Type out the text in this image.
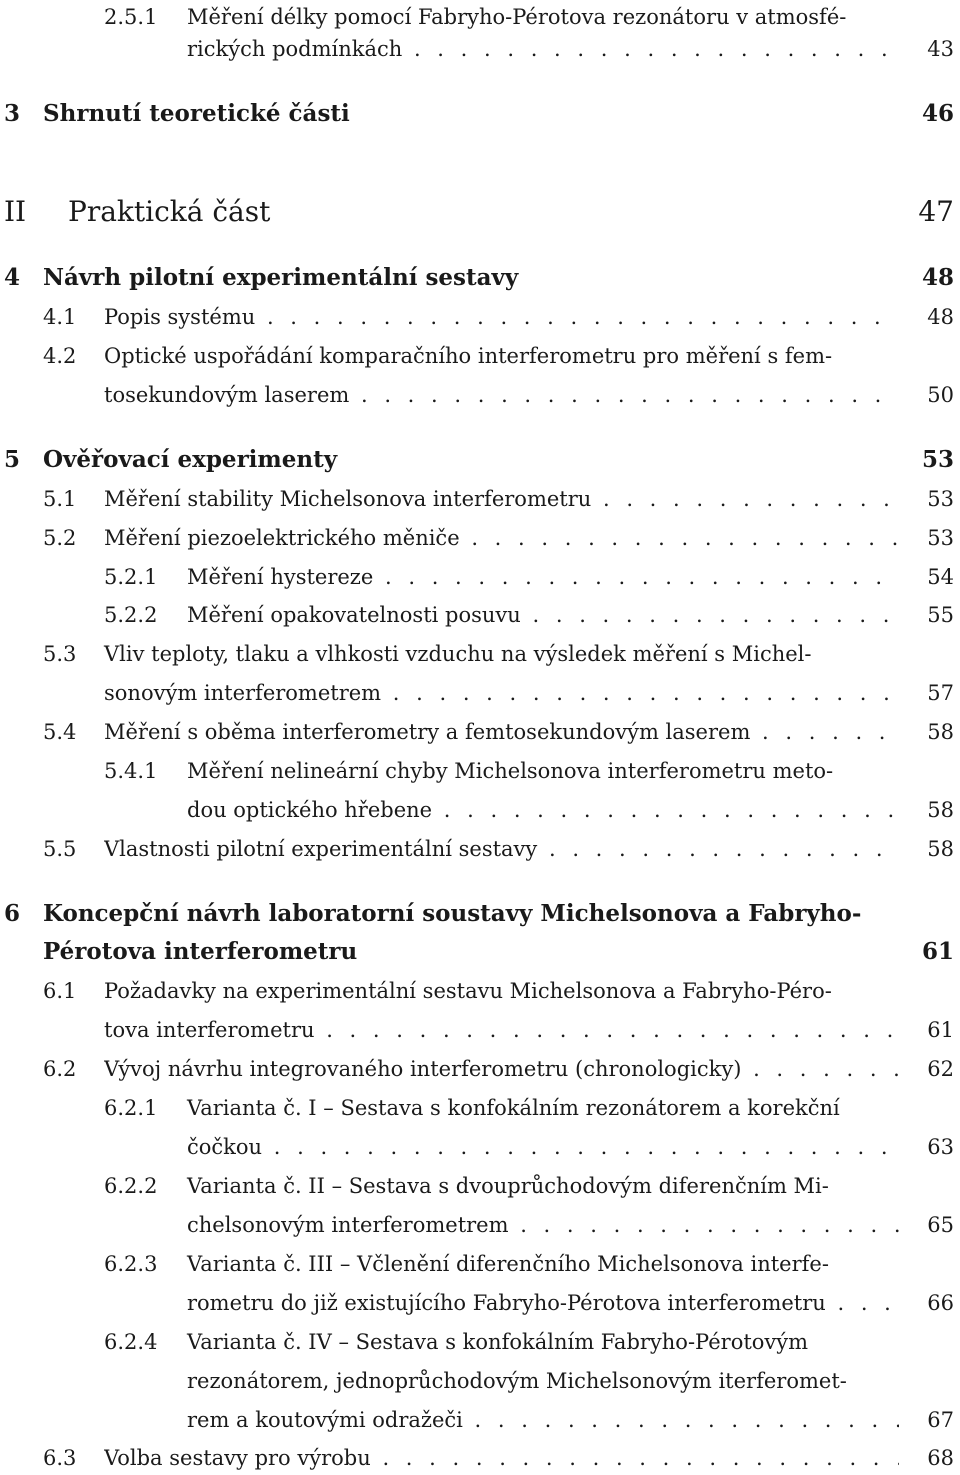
2.5.1 Měření délky pomocí Fabryho-Pérotova rezonátoru v atmosfé-
rických podmínkách . . .	43
3 Shrnutí teoretické části	46
II Praktická část	47
4 Návrh pilotní experimentální sestavy	48
4.1 Popis systému . . .	48
4.2 Optické uspořádání komparačního interferometru pro měření s fem-
tosekundovým laserem . . .	50
5 Ověřovací experimenty	53
5.1 Měření stability Michelsonova interferometru . . .	53
5.2 Měření piezoelektrického měniče . . .	53
5.2.1 Měření hystereze . . .	54
5.2.2 Měření opakovatelnosti posuvu . . .	55
5.3 Vliv teploty, tlaku a vlhkosti vzduchu na výsledek měření s Michel-
sonovým interferometrem . . .	57
5.4 Měření s oběma interferometry a femtosekundovým laserem . . .	58
5.4.1 Měření nelineární chyby Michelsonova interferometru meto-
dou optického hřebene . . .	58
5.5 Vlastnosti pilotní experimentální sestavy . . .	58
6 Koncepční návrh laboratorní soustavy Michelsonova a Fabryho-
Pérotova interferometru	61
6.1 Požadavky na experimentální sestavu Michelsonova a Fabryho-Péro-
tova interferometru . . .	61
6.2 Vývoj návrhu integrovaného interferometru (chronologicky) . . .	62
6.2.1 Varianta č. I – Sestava s konfokálním rezonátorem a korekční
čočkou . . .	63
6.2.2 Varianta č. II – Sestava s dvouprůchodovým diferenčním Mi-
chelsonovým interferometrem . . .	65
6.2.3 Varianta č. III – Včlenění diferenčního Michelsonova interfe-
rometru do již existujícího Fabryho-Pérotova interferometru . . .	66
6.2.4 Varianta č. IV – Sestava s konfokálním Fabryho-Pérotovým
rezonátorem, jednoprůchodovým Michelsonovým iterferomet-
rem a koutovými odražeči . . .	67
6.3 Volba sestavy pro výrobu . . .	68
